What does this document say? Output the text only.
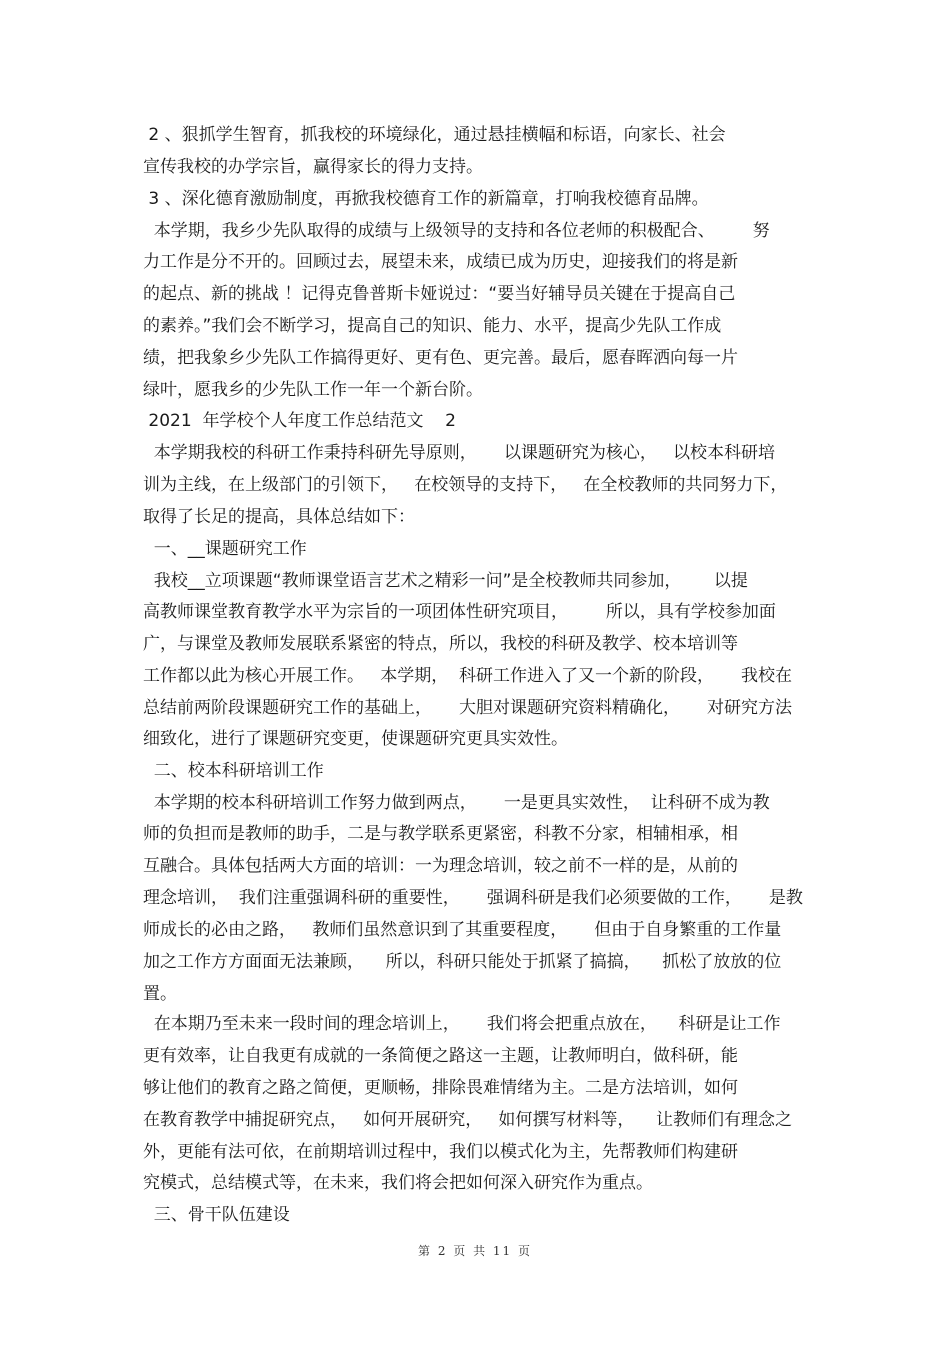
2 、狠抓学生智育，抓我校的环境绿化，通过悬挂横幅和标语，向家长、社会
宣传我校的办学宗旨，赢得家长的得力支持。
3 、深化德育激励制度，再掀我校德育工作的新篇章，打响我校德育品牌。
本学期，我乡少先队取得的成绩与上级领导的支持和各位老师的积极配合、       努
力工作是分不开的。回顾过去，展望未来，成绩已成为历史，迎接我们的将是新
的起点、新的挑战 ！记得克鲁普斯卡娅说过：“要当好辅导员关键在于提高自己
的素养。”我们会不断学习，提高自己的知识、能力、水平，提高少先队工作成
绩，把我象乡少先队工作搞得更好、更有色、更完善。最后，愿春晖洒向每一片
绿叶，愿我乡的少先队工作一年一个新台阶。
2021  年学校个人年度工作总结范文    2
本学期我校的科研工作秉持科研先导原则，     以课题研究为核心，   以校本科研培
训为主线，在上级部门的引领下，   在校领导的支持下，   在全校教师的共同努力下，
取得了长足的提高，具体总结如下：
一、__课题研究工作
我校__立项课题“教师课堂语言艺术之精彩一问”是全校教师共同参加，      以提
高教师课堂教育教学水平为宗旨的一项团体性研究项目，       所以，具有学校参加面
广，与课堂及教师发展联系紧密的特点，所以，我校的科研及教学、校本培训等
工作都以此为核心开展工作。   本学期，  科研工作进入了又一个新的阶段，     我校在
总结前两阶段课题研究工作的基础上，     大胆对课题研究资料精确化，     对研究方法
细致化，进行了课题研究变更，使课题研究更具实效性。
二、校本科研培训工作
本学期的校本科研培训工作努力做到两点，     一是更具实效性，  让科研不成为教
师的负担而是教师的助手，二是与教学联系更紧密，科教不分家，相辅相承，相
互融合。具体包括两大方面的培训：一为理念培训，较之前不一样的是，从前的
理念培训，  我们注重强调科研的重要性，     强调科研是我们必须要做的工作，     是教
师成长的必由之路，   教师们虽然意识到了其重要程度，     但由于自身繁重的工作量
加之工作方方面面无法兼顾，    所以，科研只能处于抓紧了搞搞，    抓松了放放的位
置。
在本期乃至未来一段时间的理念培训上，     我们将会把重点放在，    科研是让工作
更有效率，让自我更有成就的一条简便之路这一主题，让教师明白，做科研，能
够让他们的教育之路之简便，更顺畅，排除畏难情绪为主。二是方法培训，如何
在教育教学中捕捉研究点，   如何开展研究，   如何撰写材料等，    让教师们有理念之
外，更能有法可依，在前期培训过程中，我们以模式化为主，先帮教师们构建研
究模式，总结模式等，在未来，我们将会把如何深入研究作为重点。
三、骨干队伍建设
第 2 页 共 11 页
